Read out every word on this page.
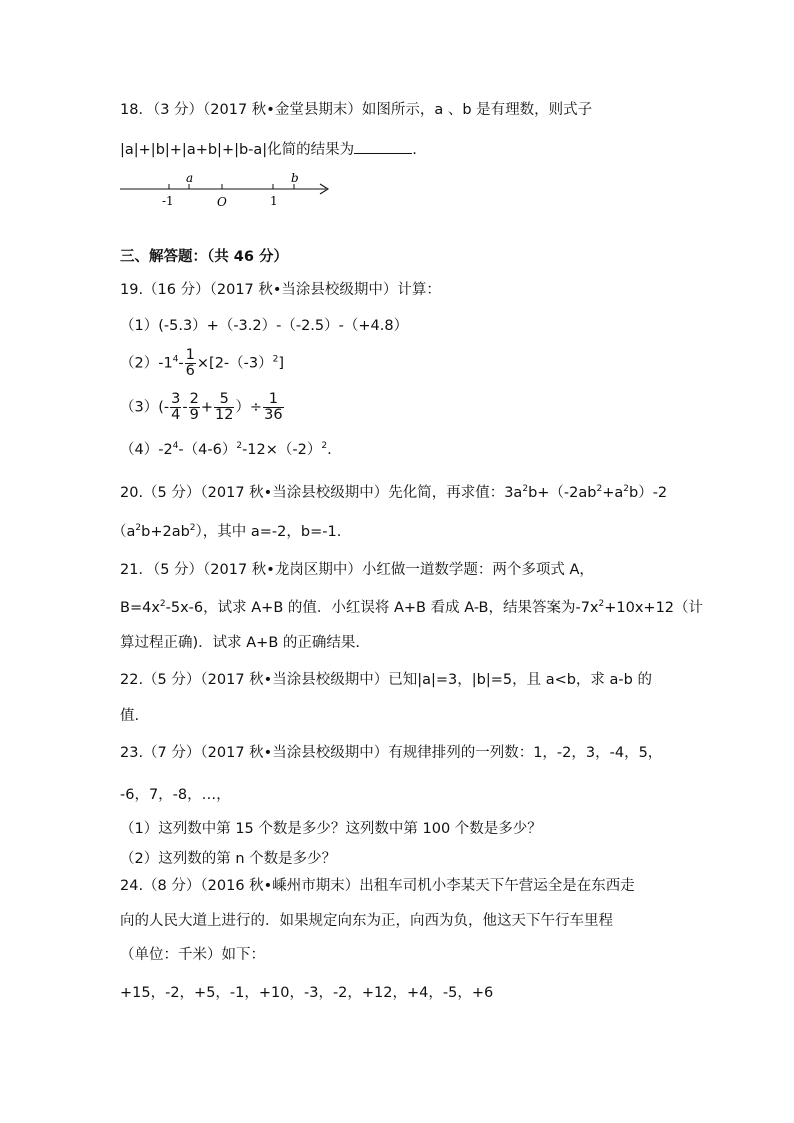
18．（3 分）（2017 秋•金堂县期末）如图所示，a 、b 是有理数，则式子
|a|+|b|+|a+b|+|b-a|化简的结果为	.
a	b
-1	O	1
三、解答题：（共 46 分）
19.（16 分）（2017 秋•当涂县校级期中）计算：
（1）(-5.3）+（-3.2）-（-2.5）-（+4.8）
$(2)-1^4- \frac{1}{6} \times[2-(-3)^2]$
$(3)(- \frac{3}{4} - \frac{2}{9} + \frac{5}{12}$ ）÷ $\frac{1}{36}$
$(4)-2^4-(4-6)^2-12\times(-2)^2$.
20.（5 分）（2017 秋•当涂县校级期中）先化简，再求值：$3a^2b+(-2ab^2+a^2b)-2$
$(a^2b+2ab^2)$，其中 a=-2，b=-1.
21．（5 分）（2017 秋•龙岗区期中）小红做一道数学题：两个多项式 A，
$B=4x^2-5x-6$，试求 A+B 的值．小红误将 A+B 看成 A-B，结果答案为$-7x^2+10x+12$（计
算过程正确)．试求 A+B 的正确结果.
22.（5 分）（2017 秋•当涂县校级期中）已知|a|=3，|b|=5，且 a<b，求 a-b 的
值.
23.（7 分）（2017 秋•当涂县校级期中）有规律排列的一列数：1，-2，3，-4，5，
-6，7，-8，…，
（1）这列数中第 15 个数是多少？这列数中第 100 个数是多少？
（2）这列数的第 n 个数是多少？
24.（8 分）（2016 秋•嵊州市期末）出租车司机小李某天下午营运全是在东西走
向的人民大道上进行的．如果规定向东为正，向西为负，他这天下午行车里程
（单位：千米）如下：
+15，-2，+5，-1，+10，-3，-2，+12，+4，-5，+6
